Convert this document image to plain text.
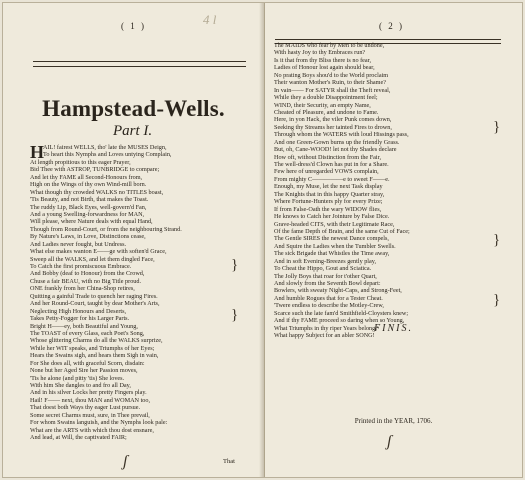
( 1 )	4 l
Hampstead-Wells.
Part I.
H
AIL! fairest WELLS, tho' late the MUSES Deign,
To heart this Nymphs and Loves untying Complain,
At length propitious to this eager Prayer,
Bid Thee with ASTROP, TUNBRIDGE to compare;
And let thy FAME all Second-Honours from,
High on the Wings of thy own Wind-mill born.
What though thy crowded WALKS no TITLES boast,
'Tis Beauty, and not Birth, that makes the Toast.
The ruddy Lip, Black Eyes, well-govern'd Fan,
And a young Swelling-forwardness for MAN,
Will please, where Nature deals with equal Hand,
Though from Round-Court, or from the neighbouring Strand.
By Nature's Laws, in Love, Distinctions cease,
And Ladies never fought, but Undress.
What else makes wanton E——ge with soften'd Grace,
Sweep all the WALKS, and let them dingled Face,
To Catch the first promiscuous Embrace.
And Bobby (deaf to Honour) from the Crowd,
Chuse a fair BEAU, with no Big Title proud.
ONE frankly from her China-Shop retires,
Quitting a gainful Trade to quench her raging Fires.
And her Round-Court, taught by dear Mother's Arts,
Neglecting High Honours and Deserts,
Takes Petty-Fogger for his Larger Parts.
Bright H——ey, both Beautiful and Young,
The TOAST of every Glass, each Poet's Song,
Whose glittering Charms do all the WALKS surprize,
While her WIT speaks, and Triumphs of her Eyes;
Hears the Swains sigh, and hears them Sigh in vain,
For She does all, with graceful Scorn, disdain:
None but her Aged Sire her Passion moves,
'Tis he alone (and pitty 'tis) She loves.
With him She dangles to and fro all Day,
And in his silver Locks her pretty Fingers play.
Hail! F—— next, thou MAN and WOMAN too,
That doest both Ways thy eager Lust pursue.
Some secret Charms must, sure, in Thee prevail,
For whom Swains languish, and the Nymphs look pale:
What are the ARTS with which thou dost ensnare,
And lead, at Will, the captivated FAIR;
}
}
ʃ	That
( 2 )
The MAIDS who fear by Men to be undone,
With hasty Joy to thy Embraces run?
Is it that from thy Bliss there is no fear,
Ladies of Honour lost again should bear,
No prating Boys shou'd to the World proclaim
Their wanton Mother's Ruin, to their Shame?
In vain—— For SATYR shall the Theft reveal,
While they a double Disappointment feel;
WIND, their Security, an empty Name,
Cheated of Pleasure, and undone to Fame.
Here, in yon Hack, the viler Punk comes down,
Seeking thy Streams her tainted Fires to drown,
Through whom the WATERS with loud Hissings pass,
And one Green-Gown burns up the friendly Grass.
But, oh, Cane-WOOD! let not thy Shades declare
How oft, without Distinction from the Fair,
The well-dress'd Clown has put in for a Share.
Few here of unregarded VOWS complain,
From mighty C—————e to sweet F——e.
Enough, my Muse, let the next Task display
The Knights that in this happy Quarter stray,
Where Fortune-Hunters ply for every Prize;
If from False-Oath the wary WIDOW flies,
He knows to Catch her Jointure by False Dice.
Grave-headed CITS, with their Legitimate Race,
Of the fame Depth of Brain, and the same Cut of Face;
The Gentle SIRES the newest Dance compels,
And Squire the Ladies when the Tumbler Swells.
The sick Brigade that Whistles the Time away,
And in soft Evening-Breezes gently play,
To Cheat the Hippo, Gout and Sciatica.
The Jolly Boys that roar for t'other Quart,
And slowly from the Seventh Bowl depart:
Bowlers, with sweaty Night-Caps, and Strong-Feet,
And humble Rogues that for a Tester Cheat.
'Twere endless to describe the Motley-Crew,
Scarce such the late fam'd Smithfield-Cloysters knew;
And if thy FAME proceed so daring when so Young,
What Triumphs in thy riper Years belong?
What happy Subject for an abler SONG!
}
}
}
FINIS.
Printed in the YEAR, 1706.
ʃ
